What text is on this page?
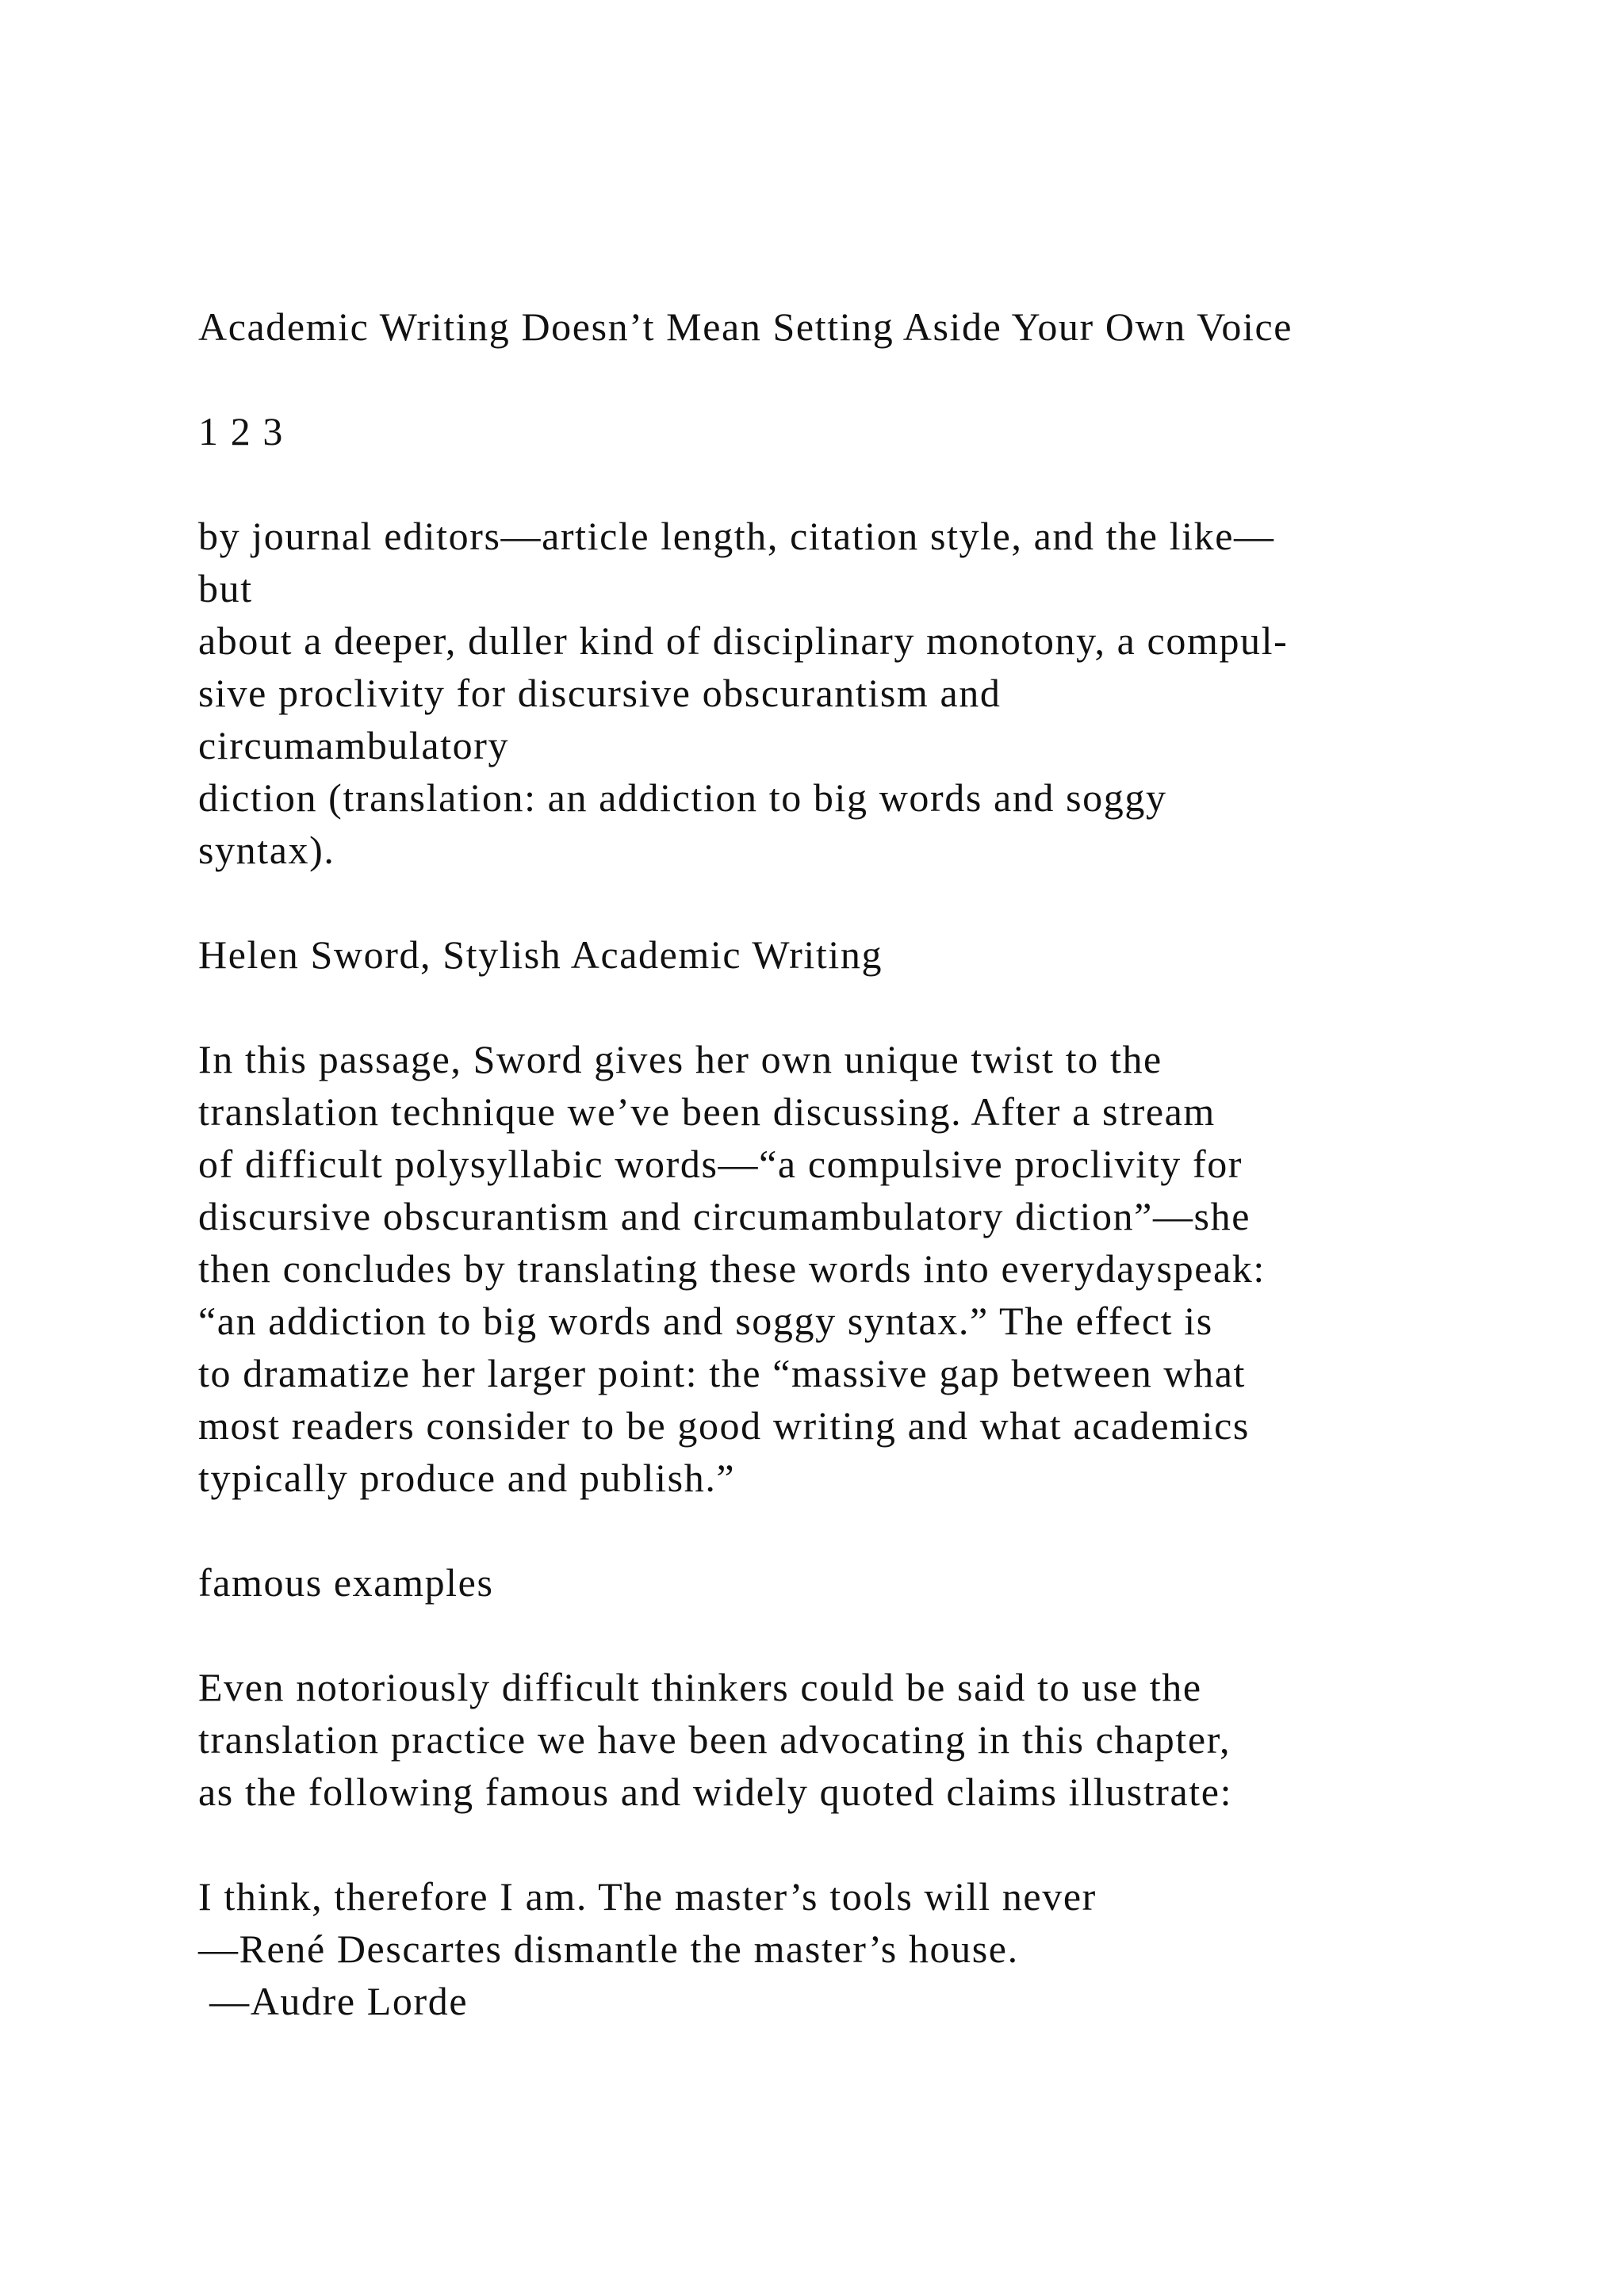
Academic Writing Doesn’t Mean Setting Aside Your Own Voice
1 2 3
by journal editors—article length, citation style, and the like—
but
about a deeper, duller kind of disciplinary monotony, a compul-
sive proclivity for discursive obscurantism and
circumambulatory
diction (translation: an addiction to big words and soggy
syntax).
Helen Sword, Stylish Academic Writing
In this passage, Sword gives her own unique twist to the
translation technique we’ve been discussing. After a stream
of difficult polysyllabic words—“a compulsive proclivity for
discursive obscurantism and circumambulatory diction”—she
then concludes by translating these words into everydayspeak:
“an addiction to big words and soggy syntax.” The effect is
to dramatize her larger point: the “massive gap between what
most readers consider to be good writing and what academics
typically produce and publish.”
famous examples
Even notoriously difficult thinkers could be said to use the
translation practice we have been advocating in this chapter,
as the following famous and widely quoted claims illustrate:
I think, therefore I am. The master’s tools will never
—René Descartes dismantle the master’s house.
—Audre Lorde
